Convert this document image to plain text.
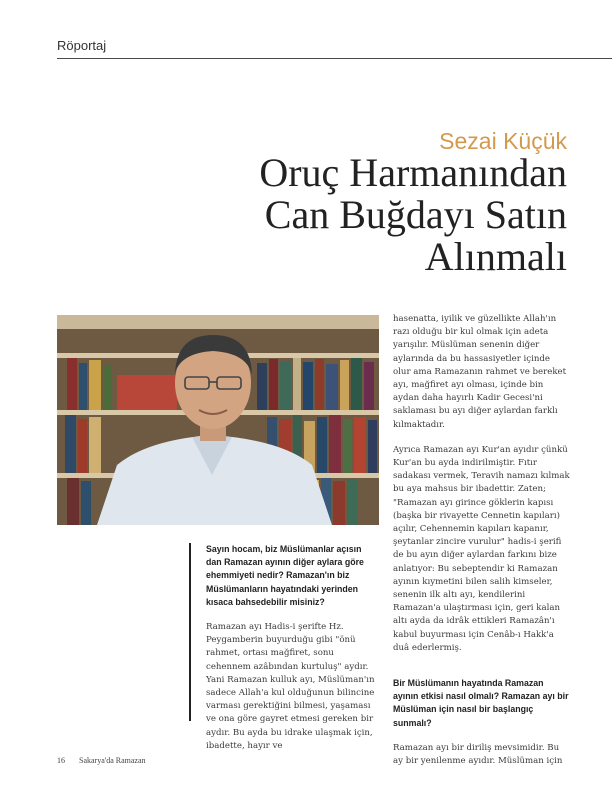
Röportaj
Sezai Küçük
Oruç Harmanından
Can Buğdayı Satın
Alınmalı

Sayın hocam, biz Müslümanlar açısın dan Ramazan ayının diğer aylara göre ehemmiyeti nedir? Ramazan'ın biz Müslümanların hayatındaki yerinden kısaca bahsedebilir misiniz?

Ramazan ayı Hadis-i şerifte Hz. Peygamberin buyurduğu gibi "önü rahmet, ortası mağfiret, sonu cehennem azâbından kurtuluş" aydır. Yani Ramazan kulluk ayı, Müslüman'ın sadece Allah'a kul olduğunun bilincine varması gerektiğini bilmesi, yaşaması ve ona göre gayret etmesi gereken bir aydır. Bu ayda bu idrake ulaşmak için, ibadette, hayır ve

hasenatta, iyilik ve güzellikte Allah'ın razı olduğu bir kul olmak için adeta yarışılır. Müslüman senenin diğer aylarında da bu hassasiyetler içinde olur ama Ramazanın rahmet ve bereket ayı, mağfiret ayı olması, içinde bin aydan daha hayırlı Kadir Gecesi'ni saklaması bu ayı diğer aylardan farklı kılmaktadır.

Ayrıca Ramazan ayı Kur'an ayıdır çünkü Kur'an bu ayda indirilmiştir. Fıtır sadakası vermek, Teravih namazı kılmak bu aya mahsus bir ibadettir. Zaten; "Ramazan ayı girince göklerin kapısı (başka bir rivayette Cennetin kapıları) açılır, Cehennemin kapıları kapanır, şeytanlar zincire vurulur" hadis-i şerifi de bu ayın diğer aylardan farkını bize anlatıyor: Bu sebeptendir ki Ramazan ayının kıymetini bilen salih kimseler, senenin ilk altı ayı, kendilerini Ramazan'a ulaştırması için, geri kalan altı ayda da idrâk ettikleri Ramazân'ı kabul buyurması için Cenâb-ı Hakk'a duâ ederlermiş.

Bir Müslümanın hayatında Ramazan ayının etkisi nasıl olmalı? Ramazan ayı bir Müslüman için nasıl bir başlangıç sunmalı?

Ramazan ayı bir diriliş mevsimidir. Bu ay bir yenilenme ayıdır. Müslüman için

16 Sakarya'da Ramazan
